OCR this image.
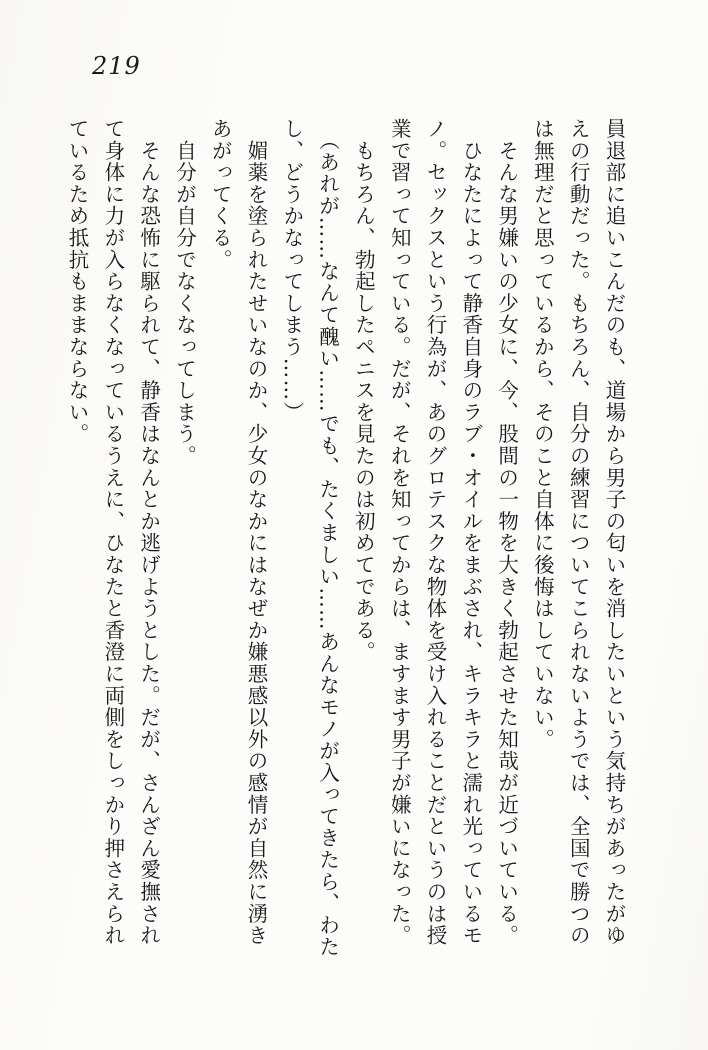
219

員退部に追いこんだのも、道場から男子の匂いを消したいという気持ちがあったがゆ

えの行動だった。もちろん、自分の練習についてこられないようでは、全国で勝つの

は無理だと思っているから、そのこと自体に後悔はしていない。

　そんな男嫌いの少女に、今、股間の一物を大きく勃起させた知哉が近づいている。

　ひなたによって静香自身のラブ・オイルをまぶされ、キラキラと濡れ光っているモ

ノ。セックスという行為が、あのグロテスクな物体を受け入れることだというのは授

業で習って知っている。だが、それを知ってからは、ますます男子が嫌いになった。

　もちろん、勃起したペニスを見たのは初めてである。

　（あれが……なんて醜い……でも、たくましい……あんなモノが入ってきたら、わた

し、どうかなってしまう……）

　媚薬を塗られたせいなのか、少女のなかにはなぜか嫌悪感以外の感情が自然に湧き

あがってくる。

　自分が自分でなくなってしまう。

　そんな恐怖に駆られて、静香はなんとか逃げようとした。だが、さんざん愛撫され

て身体に力が入らなくなっているうえに、ひなたと香澄に両側をしっかり押さえられ

ているため抵抗もままならない。
